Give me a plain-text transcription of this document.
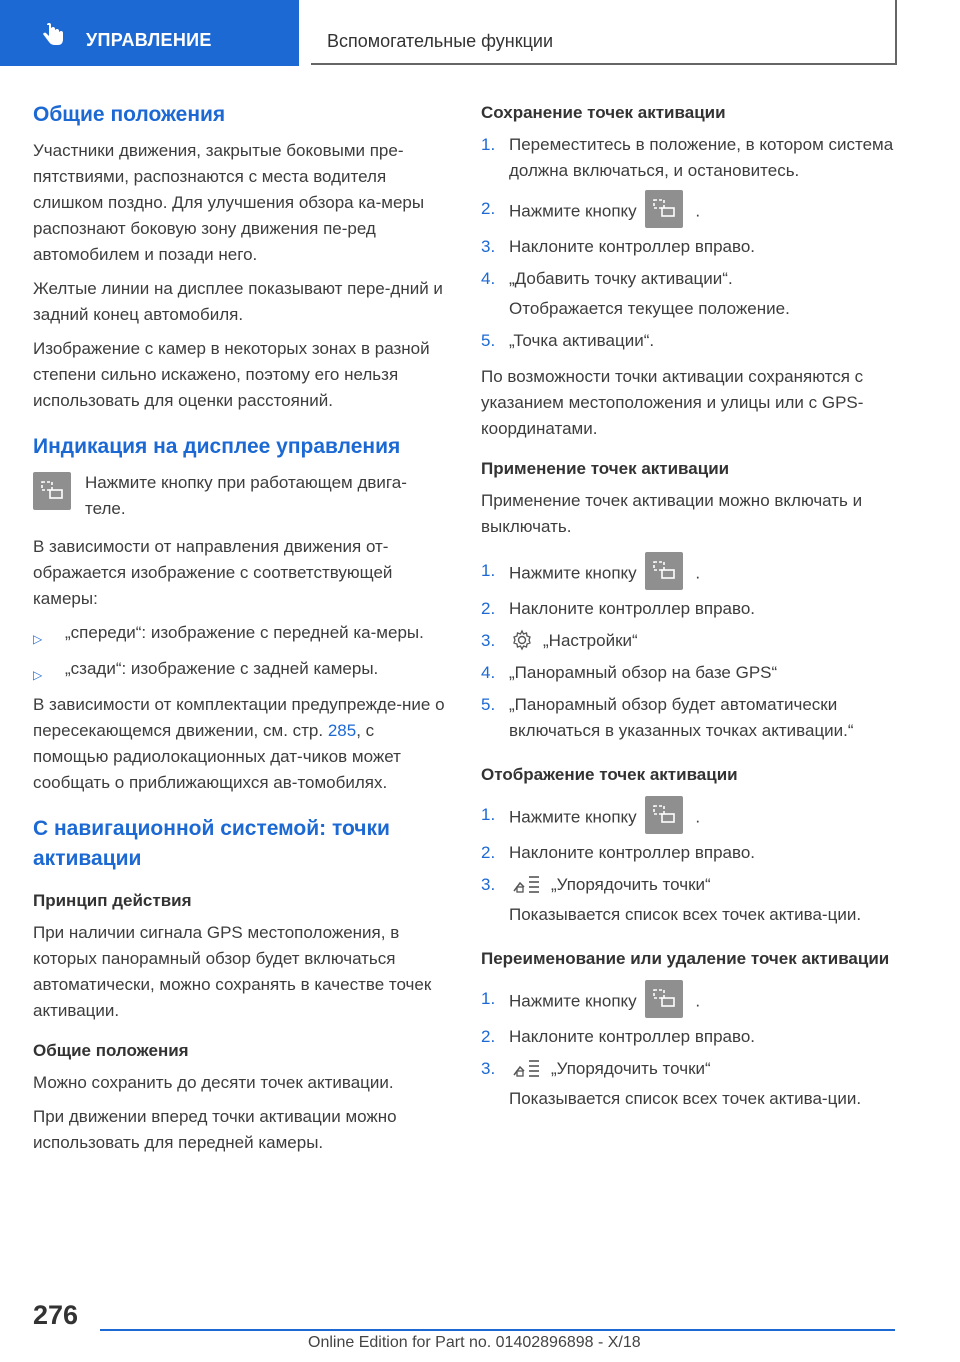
УПРАВЛЕНИЕ	Вспомогательные функции
Общие положения

Участники движения, закрытые боковыми пре-пятствиями, распознаются с места водителя слишком поздно. Для улучшения обзора ка-меры распознают боковую зону движения пе-ред автомобилем и позади него.

Желтые линии на дисплее показывают пере-дний и задний конец автомобиля.

Изображение с камер в некоторых зонах в разной степени сильно искажено, поэтому его нельзя использовать для оценки расстояний.

Индикация на дисплее управления

Нажмите кнопку при работающем двига-теле.

В зависимости от направления движения от-ображается изображение с соответствующей камеры:

▷ „спереди“: изображение с передней ка-меры.
▷ „сзади“: изображение с задней камеры.

В зависимости от комплектации предупрежде-ние о пересекающемся движении, см. стр. 285, с помощью радиолокационных дат-чиков может сообщать о приближающихся ав-томобилях.

С навигационной системой: точки активации
Принцип действия

При наличии сигнала GPS местоположения, в которых панорамный обзор будет включаться автоматически, можно сохранять в качестве точек активации.

Общие положения

Можно сохранить до десяти точек активации.

При движении вперед точки активации можно использовать для передней камеры.

Сохранение точек активации
1. Переместитесь в положение, в котором система должна включаться, и остановитесь.
2. Нажмите кнопку	.
3. Наклоните контроллер вправо.
4. „Добавить точку активации“.
Отображается текущее положение.
5. „Точка активации“.

По возможности точки активации сохраняются с указанием местоположения и улицы или с GPS-координатами.

Применение точек активации

Применение точек активации можно включать и выключать.

1. Нажмите кнопку	.
2. Наклоните контроллер вправо.
3.	„Настройки“
4. „Панорамный обзор на базе GPS“
5. „Панорамный обзор будет автоматически включаться в указанных точках активации.“
Отображение точек активации
1. Нажмите кнопку	.
2. Наклоните контроллер вправо.
3.	„Упорядочить точки“
Показывается список всех точек актива-ции.
Переименование или удаление точек активации
1. Нажмите кнопку	.
2. Наклоните контроллер вправо.
3.	„Упорядочить точки“
Показывается список всех точек актива-ции.
276
Online Edition for Part no. 01402896898 - X/18
